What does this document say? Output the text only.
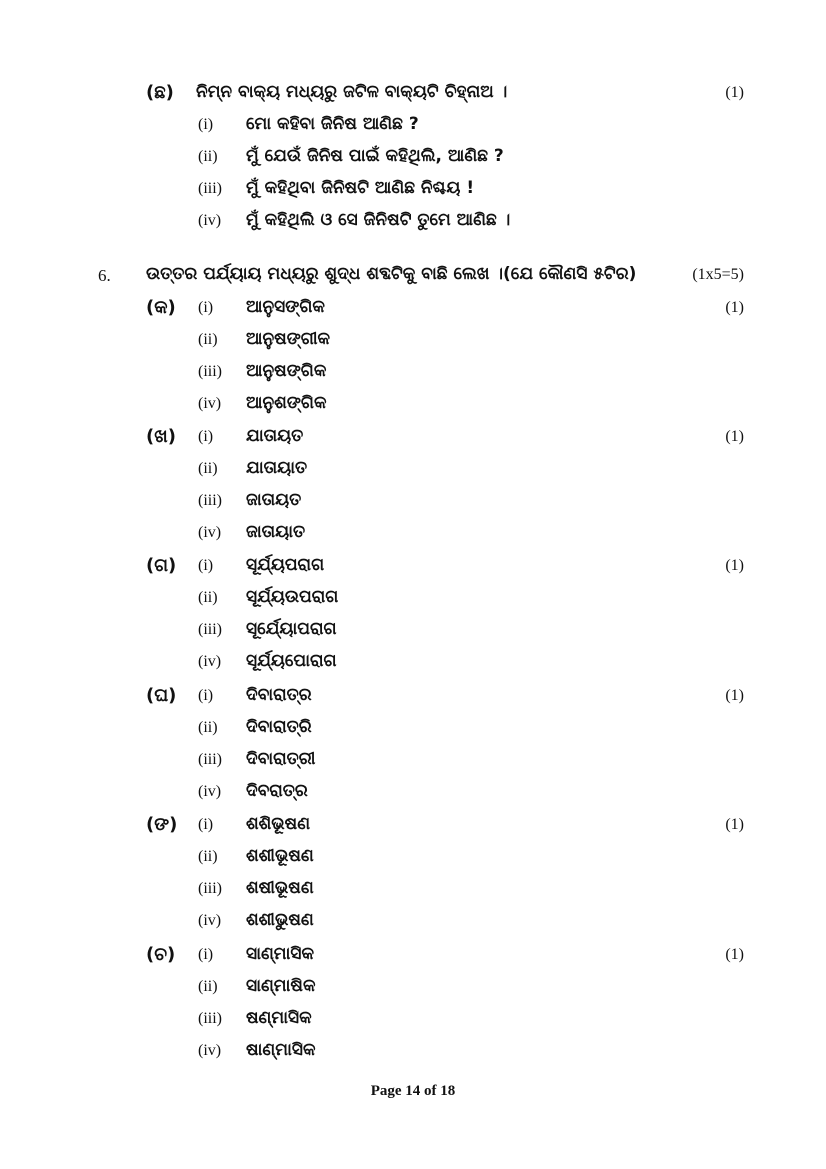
(ଛ) ନିମ୍ନ ବାକ୍ୟ ମଧ୍ୟରୁ ଜଟିଳ ବାକ୍ୟଟି ଚିହ୍ନାଅ ।	(1)
(i) ମୋ କହିବା ଜିନିଷ ଆଣିଛ ?
(ii) ମୁଁ ଯେଉଁ ଜିନିଷ ପାଇଁ କହିଥିଲି, ଆଣିଛ ?
(iii) ମୁଁ କହିଥିବା ଜିନିଷଟି ଆଣିଛ ନିଶ୍ଚୟ !
(iv) ମୁଁ କହିଥିଲି ଓ ସେ ଜିନିଷଟି ତୁମେ ଆଣିଛ ।
6. ଉତ୍ତର ପର୍ଯ୍ୟାୟ ମଧ୍ୟରୁ ଶୁଦ୍ଧ ଶବ୍ଦଟିକୁ ବାଛି ଲେଖ ।(ଯେ କୌଣସି ୫ଟିର)	(1x5=5)
(କ) (i) ଆନୁସଙ୍ଗିକ	(1)
(ii) ଆନୁଷଙ୍ଗୀକ
(iii) ଆନୁଷଙ୍ଗିକ
(iv) ଆନୁଶଙ୍ଗିକ
(ଖ) (i) ଯାତାୟତ	(1)
(ii) ଯାତାୟାତ
(iii) ଜାତାୟତ
(iv) ଜାତାୟାତ
(ଗ) (i) ସୂର୍ଯ୍ୟପରାଗ	(1)
(ii) ସୂର୍ଯ୍ୟଉପରାଗ
(iii) ସୂର୍ଯ୍ୟୋପରାଗ
(iv) ସୂର୍ଯ୍ୟପୋରାଗ
(ଘ) (i) ଦିବାରାତ୍ର	(1)
(ii) ଦିବାରାତ୍ରି
(iii) ଦିବାରାତ୍ରୀ
(iv) ଦିବରାତ୍ର
(ଙ) (i) ଶଶିଭୂଷଣ	(1)
(ii) ଶଶୀଭୂଷଣ
(iii) ଶଷୀଭୂଷଣ
(iv) ଶଶୀଭୁଷଣ
(ଚ) (i) ସାଣ୍ମାସିକ	(1)
(ii) ସାଣ୍ମାଷିକ
(iii) ଷଣ୍ମାସିକ
(iv) ଷାଣ୍ମାସିକ
Page 14 of 18
